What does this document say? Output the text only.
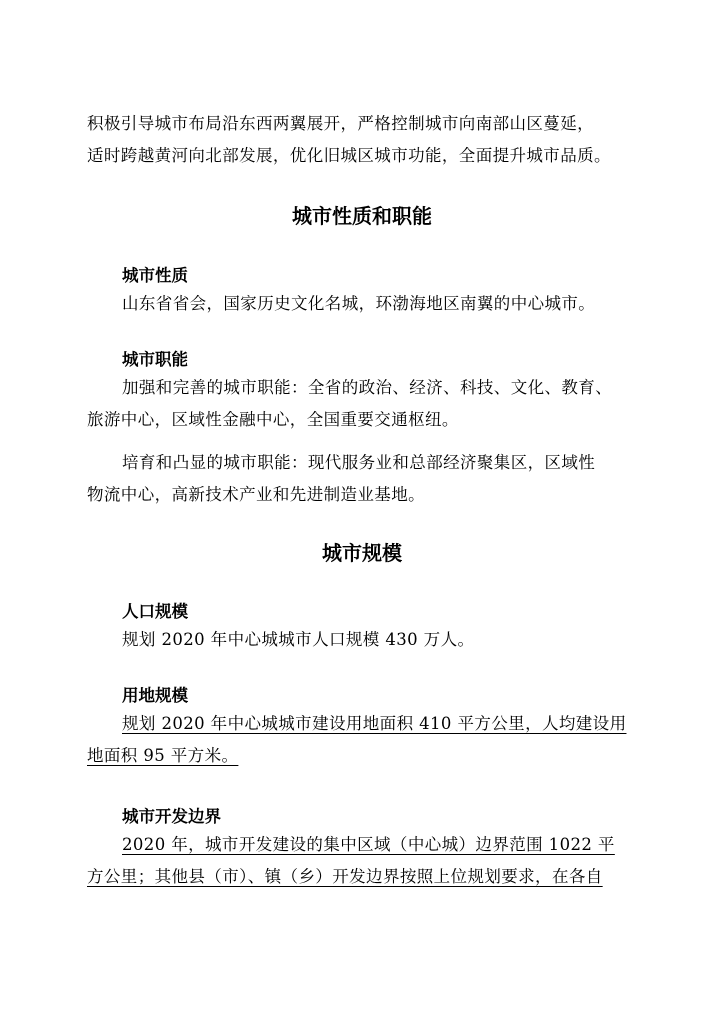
积极引导城市布局沿东西两翼展开，严格控制城市向南部山区蔓延，
适时跨越黄河向北部发展，优化旧城区城市功能，全面提升城市品质。

城市性质和职能
城市性质

山东省省会，国家历史文化名城，环渤海地区南翼的中心城市。

城市职能

加强和完善的城市职能：全省的政治、经济、科技、文化、教育、
旅游中心，区域性金融中心，全国重要交通枢纽。

培育和凸显的城市职能：现代服务业和总部经济聚集区，区域性
物流中心，高新技术产业和先进制造业基地。

城市规模
人口规模

规划 2020 年中心城城市人口规模 430 万人。

用地规模

规划 2020 年中心城城市建设用地面积 410 平方公里，人均建设用
地面积 95 平方米。

城市开发边界

2020 年，城市开发建设的集中区域（中心城）边界范围 1022 平
方公里；其他县（市）、镇（乡）开发边界按照上位规划要求，在各自
